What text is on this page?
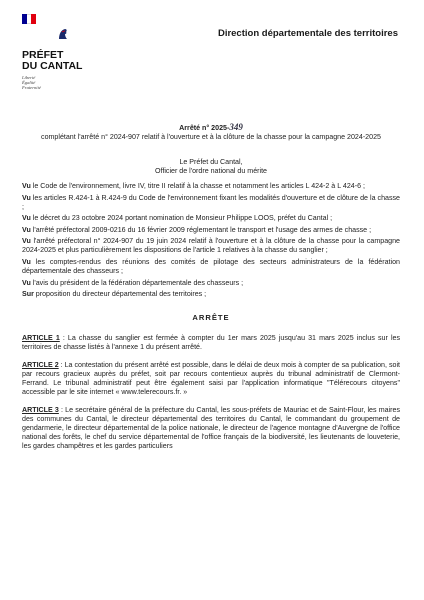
Direction départementale des territoires
PRÉFET
DU CANTAL
Liberté
Égalité
Fraternité

Arrêté n° 2025-349

complétant l'arrêté n° 2024-907 relatif à l'ouverture et à la clôture de la chasse pour la campagne 2024-2025

Le Préfet du Cantal,

Officier de l'ordre national du mérite

Vu le Code de l'environnement, livre IV, titre II relatif à la chasse et notamment les articles L 424-2 à L 424-6 ;

Vu les articles R.424-1 à R.424-9 du Code de l'environnement fixant les modalités d'ouverture et de clôture de la chasse ;

Vu le décret du 23 octobre 2024 portant nomination de Monsieur Philippe LOOS, préfet du Cantal ;

Vu l'arrêté préfectoral 2009-0216 du 16 février 2009 réglementant le transport et l'usage des armes de chasse ;

Vu l'arrêté préfectoral n° 2024-907 du 19 juin 2024 relatif à l'ouverture et à la clôture de la chasse pour la campagne 2024-2025 et plus particulièrement les dispositions de l'article 1 relatives à la chasse du sanglier ;

Vu les comptes-rendus des réunions des comités de pilotage des secteurs administrateurs de la fédération départementale des chasseurs ;

Vu l'avis du président de la fédération départementale des chasseurs ;

Sur proposition du directeur départemental des territoires ;

ARRÊTE

ARTICLE 1 : La chasse du sanglier est fermée à compter du 1er mars 2025 jusqu'au 31 mars 2025 inclus sur les territoires de chasse listés à l'annexe 1 du présent arrêté.

ARTICLE 2 : La contestation du présent arrêté est possible, dans le délai de deux mois à compter de sa publication, soit par recours gracieux auprès du préfet, soit par recours contentieux auprès du tribunal administratif de Clermont-Ferrand. Le tribunal administratif peut être également saisi par l'application informatique "Télérecours citoyens" accessible par le site internet « www.telerecours.fr. »

ARTICLE 3 : Le secrétaire général de la préfecture du Cantal, les sous-préfets de Mauriac et de Saint-Flour, les maires des communes du Cantal, le directeur départemental des territoires du Cantal, le commandant du groupement de gendarmerie, le directeur départemental de la police nationale, le directeur de l'agence montagne d'Auvergne de l'office national des forêts, le chef du service départemental de l'office français de la biodiversité, les lieutenants de louveterie, les gardes champêtres et les gardes particuliers
